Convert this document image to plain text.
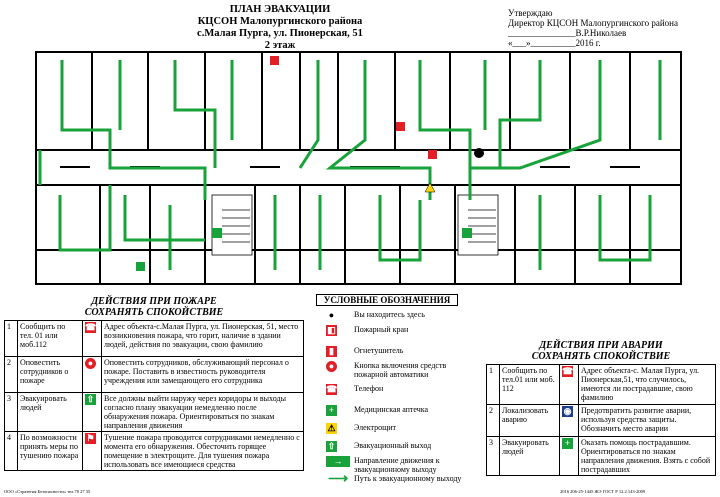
ПЛАН ЭВАКУАЦИИ
КЦСОН Малопургинского района
с.Малая Пурга, ул. Пионерская, 51
2 этаж
Утверждаю
Директор КЦСОН Малопургинского района
_______________В.Р.Николаев
«___»__________2016 г.
ДЕЙСТВИЯ ПРИ ПОЖАРЕ
СОХРАНЯТЬ СПОКОЙСТВИЕ
1	Сообщить по тел. 01 или моб.112	☎	Адрес объекта-с.Малая Пурга, ул. Пионерская, 51, место возникновения пожара, что горит, наличие в здании людей, действия по эвакуации, свою фамилию
2	Оповестить сотрудников о пожаре	●	Оповестить сотрудников, обслуживающий персонал о пожаре. Поставить в известность руководителя учреждения или замещающего его сотрудника
3	Эвакуировать людей	⇧	Все должны выйти наружу через коридоры и выходы согласно плану эвакуации немедленно после обнаружения пожара. Ориентироваться по знакам направления движения
4	По возможности принять меры по тушению пожара	⚑	Тушение пожара проводится сотрудниками немедленно с момента его обнаружения. Обесточить горящее помещение в электрощите. Для тушения пожара использовать все имеющиеся средства
УСЛОВНЫЕ ОБОЗНАЧЕНИЯ
●	Вы находитесь здесь
◧ Пожарный кран
▮	Огнетушитель
●	Кнопка включения средств пожарной автоматики
☎ Телефон
+	Медицинская аптечка
⚠ Электрощит
⇧ Эвакуационный выход
→	Направление движения к эвакуационному выходу
⟶ Путь к эвакуационному выходу
ДЕЙСТВИЯ ПРИ АВАРИИ
СОХРАНЯТЬ СПОКОЙСТВИЕ
1	Сообщить по тел.01 или моб. 112	☎	Адрес объекта-с. Малая Пурга, ул. Пионерская,51, что случилось, имеются ли пострадавшие, свою фамилию
2	Локализовать аварию	◉	Предотвратить развитие аварии, используя средства защиты. Обозначить место аварии
3	Эвакуировать людей	+	Оказать помощь пострадавшим. Ориентироваться по знакам направления движения. Взять с собой пострадавших
ООО «Стратегия Безопасности» тел.70 27 35	2016 206-25-1445 ЖЭ ГОСТ Р 12.2.143-2009
